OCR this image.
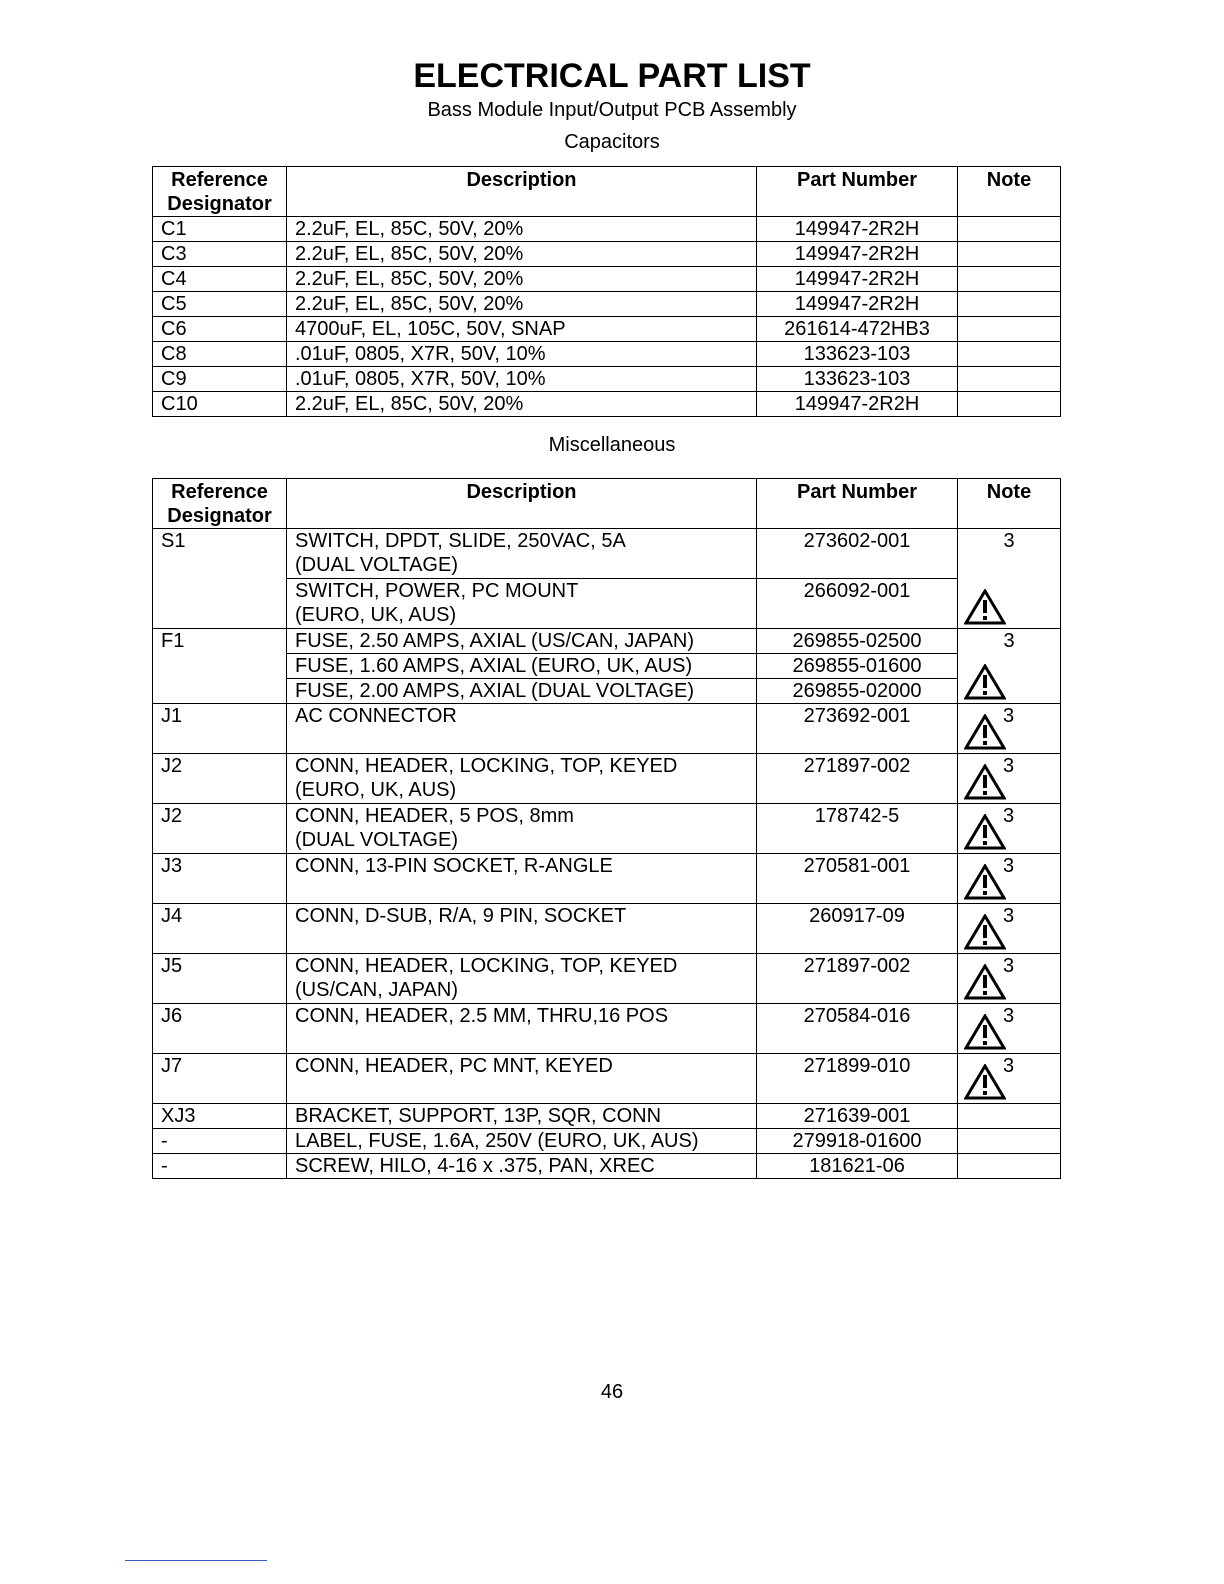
ELECTRICAL PART LIST
Bass Module Input/Output PCB Assembly
Capacitors
Reference
Designator	Description	Part Number	Note
C1	2.2uF, EL, 85C, 50V, 20%	149947-2R2H	
C3	2.2uF, EL, 85C, 50V, 20%	149947-2R2H	
C4	2.2uF, EL, 85C, 50V, 20%	149947-2R2H	
C5	2.2uF, EL, 85C, 50V, 20%	149947-2R2H	
C6	4700uF, EL, 105C, 50V, SNAP	261614-472HB3	
C8	.01uF, 0805, X7R, 50V, 10%	133623-103	
C9	.01uF, 0805, X7R, 50V, 10%	133623-103	
C10	2.2uF, EL, 85C, 50V, 20%	149947-2R2H	
Miscellaneous
Reference
Designator	Description	Part Number	Note
S1	SWITCH, DPDT, SLIDE, 250VAC, 5A
(DUAL VOLTAGE)	273602-001	3

	SWITCH, POWER, PC MOUNT
(EURO, UK, AUS)	266092-001	
F1	FUSE, 2.50 AMPS, AXIAL (US/CAN, JAPAN)	269855-02500	3

	FUSE, 1.60 AMPS, AXIAL (EURO, UK, AUS)	269855-01600	
	FUSE, 2.00 AMPS, AXIAL (DUAL VOLTAGE)	269855-02000	
J1	AC CONNECTOR	273692-001	3

J2	CONN, HEADER, LOCKING, TOP, KEYED
(EURO, UK, AUS)	271897-002	3

J2	CONN, HEADER, 5 POS, 8mm
(DUAL VOLTAGE)	178742-5	3

J3	CONN, 13-PIN SOCKET, R-ANGLE	270581-001	3

J4	CONN, D-SUB, R/A, 9 PIN, SOCKET	260917-09	3

J5	CONN, HEADER, LOCKING, TOP, KEYED
(US/CAN, JAPAN)	271897-002	3

J6	CONN, HEADER, 2.5 MM, THRU,16 POS	270584-016	3

J7	CONN, HEADER, PC MNT, KEYED	271899-010	3

XJ3	BRACKET, SUPPORT, 13P, SQR, CONN	271639-001	
-	LABEL, FUSE, 1.6A, 250V (EURO, UK, AUS)	279918-01600	
-	SCREW, HILO, 4-16 x .375, PAN, XREC	181621-06	
46
